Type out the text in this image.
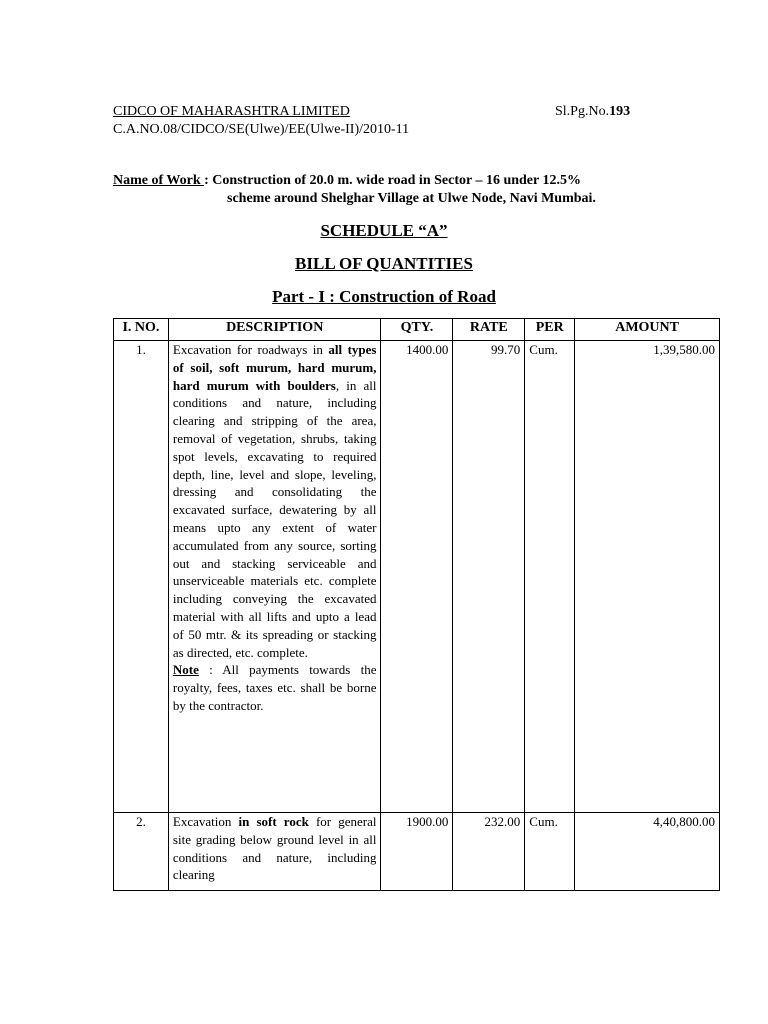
CIDCO OF MAHARASHTRA LIMITED	Sl.Pg.No.193
C.A.NO.08/CIDCO/SE(Ulwe)/EE(Ulwe-II)/2010-11
Name of Work : Construction of 20.0 m. wide road in Sector – 16 under 12.5%
scheme around Shelghar Village at Ulwe Node, Navi Mumbai.
SCHEDULE “A”
BILL OF QUANTITIES
Part - I : Construction of Road
I. NO.	DESCRIPTION	QTY.	RATE	PER	AMOUNT
1.	Excavation for roadways in all types of soil, soft murum, hard murum, hard murum with boulders, in all conditions and nature, including clearing and stripping of the area, removal of vegetation, shrubs, taking spot levels, excavating to required depth, line, level and slope, leveling, dressing and consolidating the excavated surface, dewatering by all means upto any extent of water accumulated from any source, sorting out and stacking serviceable and unserviceable materials etc. complete including conveying the excavated material with all lifts and upto a lead of 50 mtr. & its spreading or stacking as directed, etc. complete.
Note : All payments towards the royalty, fees, taxes etc. shall be borne by the contractor.	1400.00	99.70	Cum.	1,39,580.00
2.	Excavation in soft rock for general site grading below ground level in all conditions and nature, including clearing	1900.00	232.00	Cum.	4,40,800.00
